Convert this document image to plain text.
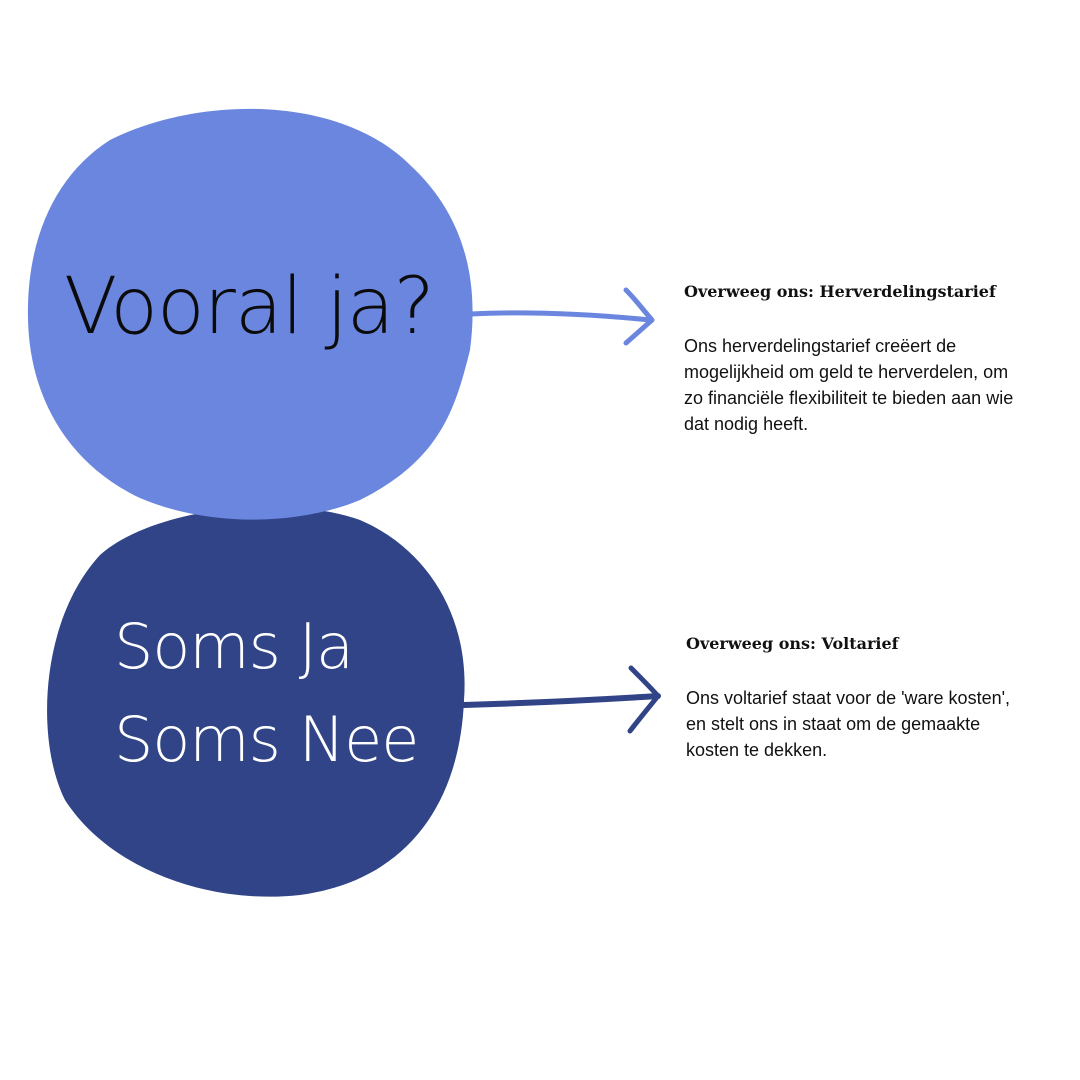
Vooral ja?
Soms Ja
Soms Nee

Overweeg ons: Herverdelingstarief

Ons herverdelingstarief creëert de
mogelijkheid om geld te herverdelen, om
zo financiële flexibiliteit te bieden aan wie
dat nodig heeft.

Overweeg ons: Voltarief

Ons voltarief staat voor de 'ware kosten',
en stelt ons in staat om de gemaakte
kosten te dekken.
